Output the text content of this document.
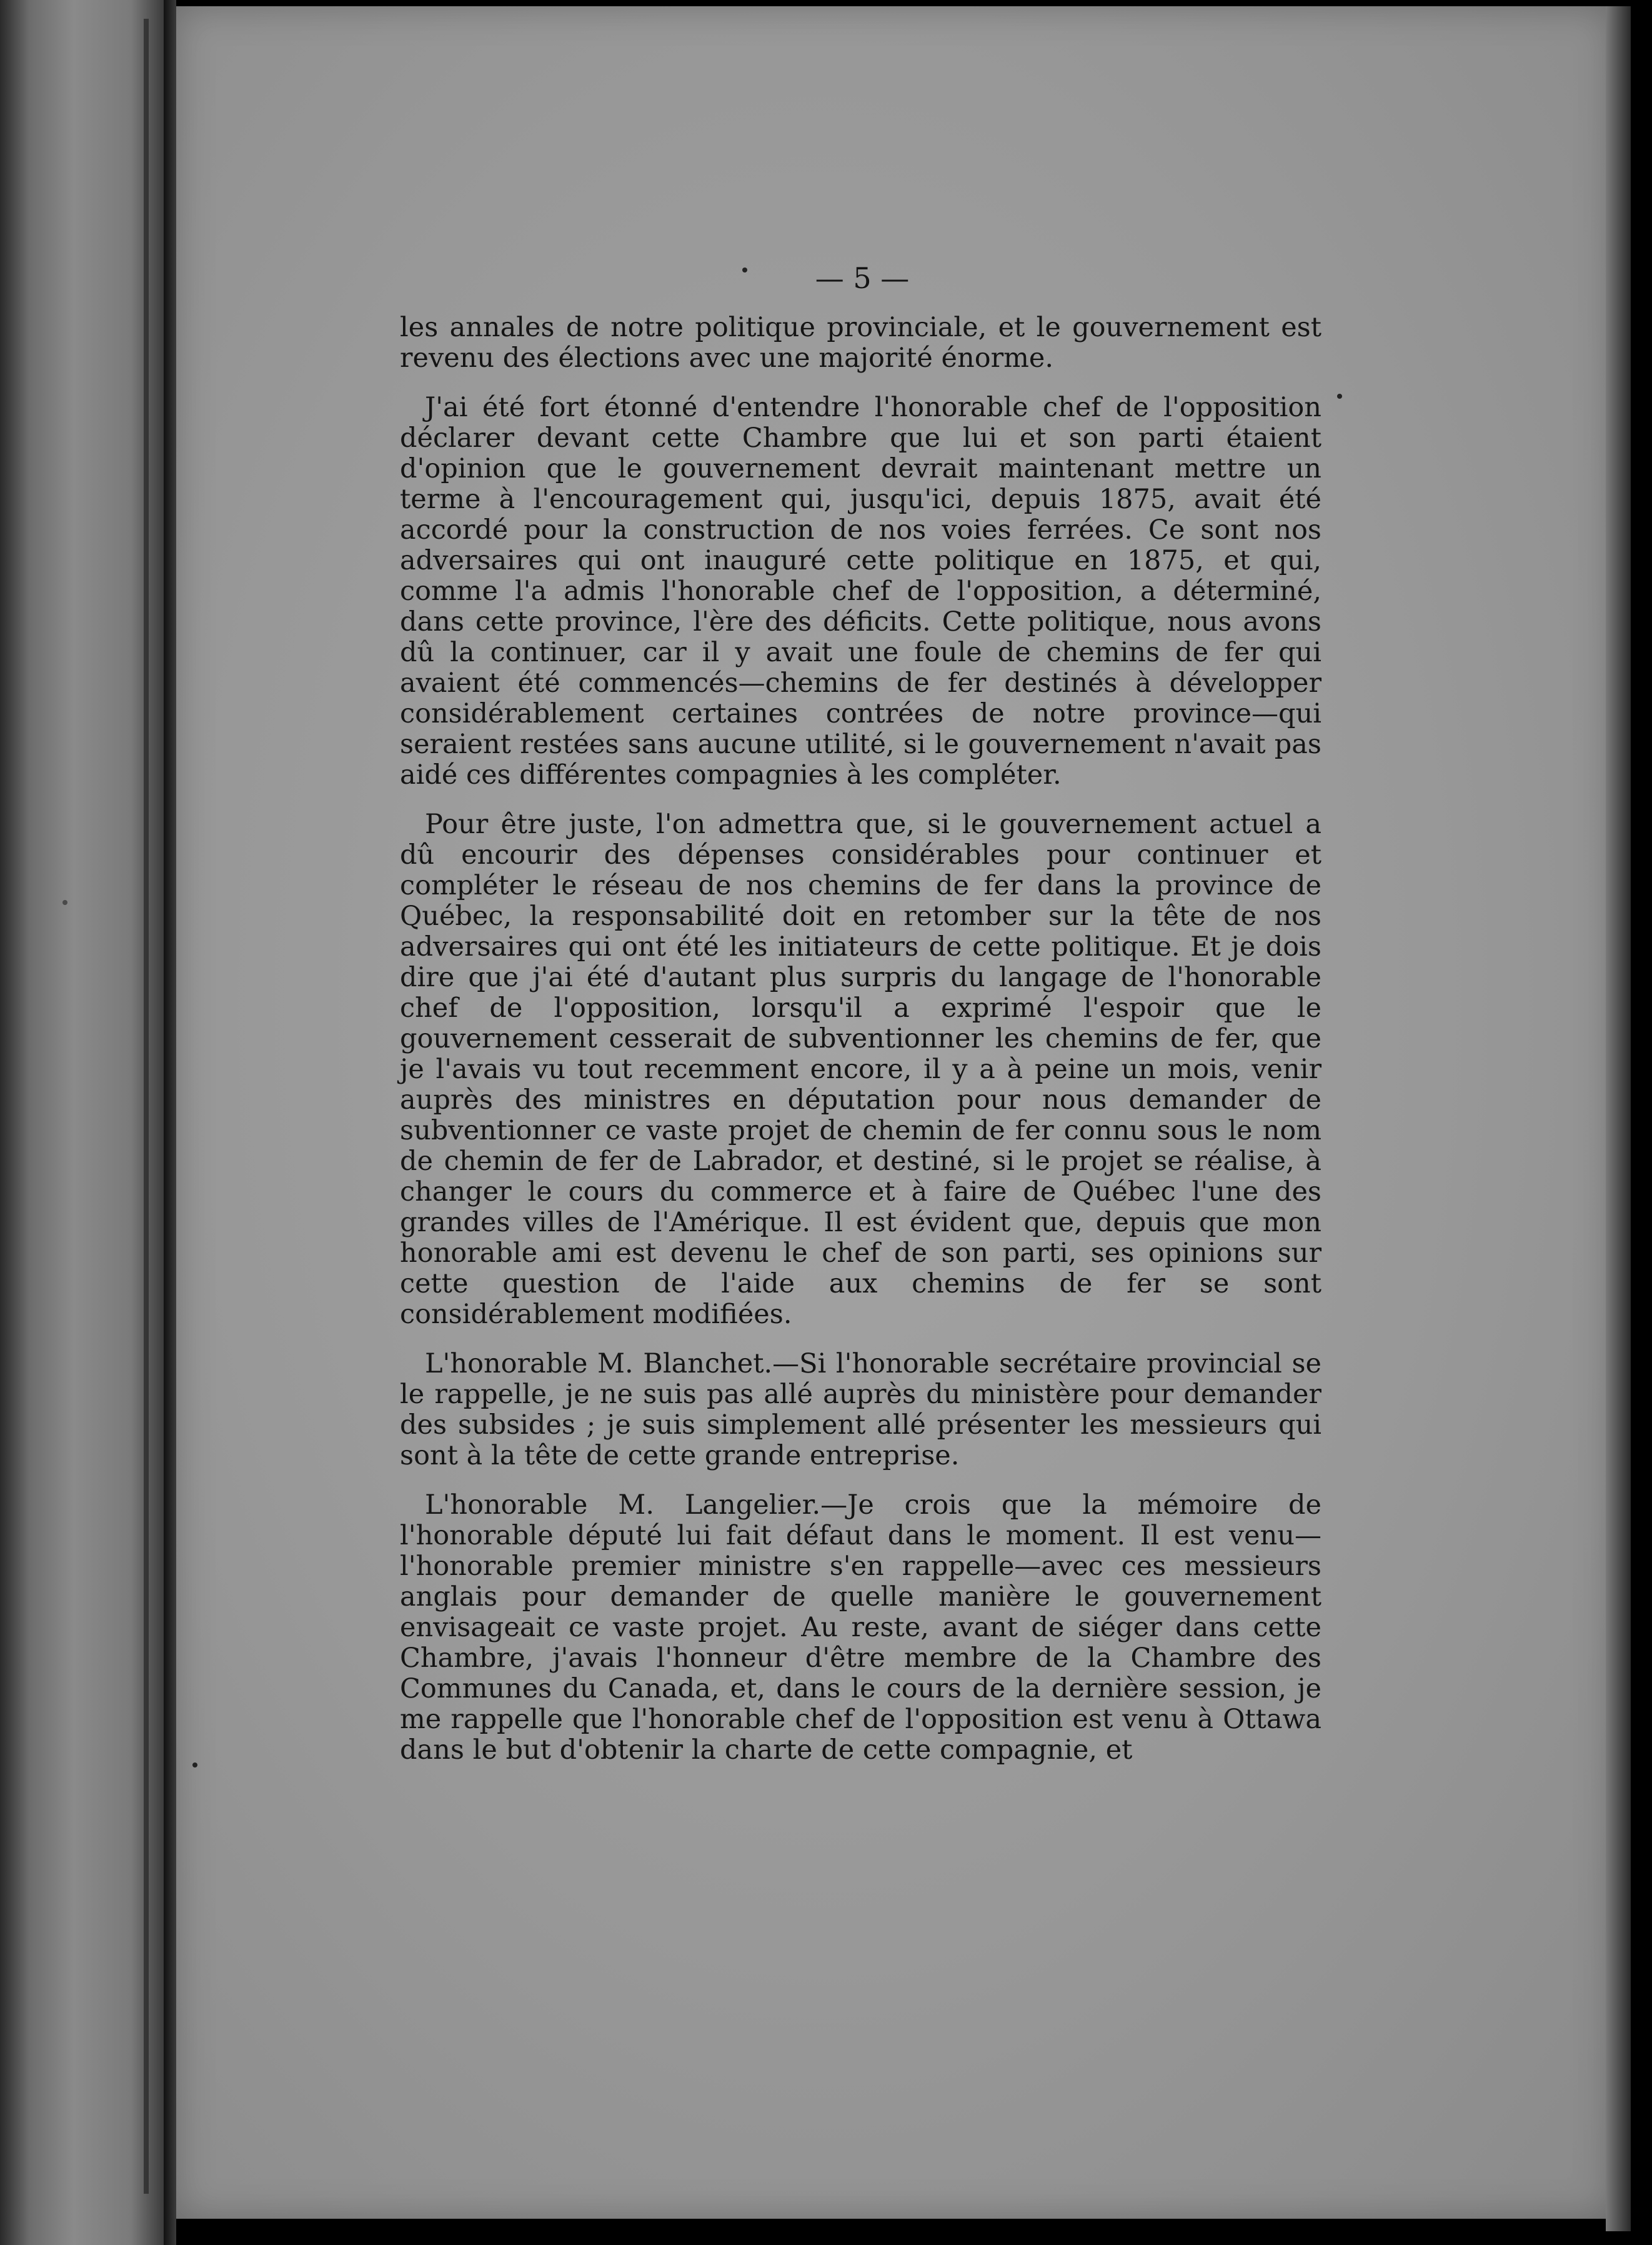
— 5 —

les annales de notre politique provinciale, et le gouvernement est revenu des élections avec une majorité énorme.

J'ai été fort étonné d'entendre l'honorable chef de l'opposition déclarer devant cette Chambre que lui et son parti étaient d'opinion que le gouvernement devrait maintenant mettre un terme à l'encouragement qui, jusqu'ici, depuis 1875, avait été accordé pour la construction de nos voies ferrées. Ce sont nos adversaires qui ont inauguré cette politique en 1875, et qui, comme l'a admis l'honorable chef de l'opposition, a déterminé, dans cette province, l'ère des déficits. Cette politique, nous avons dû la continuer, car il y avait une foule de chemins de fer qui avaient été commencés—chemins de fer destinés à développer considérablement certaines contrées de notre province—qui seraient restées sans aucune utilité, si le gouvernement n'avait pas aidé ces différentes compagnies à les compléter.

Pour être juste, l'on admettra que, si le gouvernement actuel a dû encourir des dépenses considérables pour continuer et compléter le réseau de nos chemins de fer dans la province de Québec, la responsabilité doit en retomber sur la tête de nos adversaires qui ont été les initiateurs de cette politique. Et je dois dire que j'ai été d'autant plus surpris du langage de l'honorable chef de l'opposition, lorsqu'il a exprimé l'espoir que le gouvernement cesserait de subventionner les chemins de fer, que je l'avais vu tout recemment encore, il y a à peine un mois, venir auprès des ministres en députation pour nous demander de subventionner ce vaste projet de chemin de fer connu sous le nom de chemin de fer de Labrador, et destiné, si le projet se réalise, à changer le cours du commerce et à faire de Québec l'une des grandes villes de l'Amérique. Il est évident que, depuis que mon honorable ami est devenu le chef de son parti, ses opinions sur cette question de l'aide aux chemins de fer se sont considérablement modifiées.

L'honorable M. Blanchet.—Si l'honorable secrétaire provincial se le rappelle, je ne suis pas allé auprès du ministère pour demander des subsides ; je suis simplement allé présenter les messieurs qui sont à la tête de cette grande entreprise.

L'honorable M. Langelier.—Je crois que la mémoire de l'honorable député lui fait défaut dans le moment. Il est venu—l'honorable premier ministre s'en rappelle—avec ces messieurs anglais pour demander de quelle manière le gouvernement envisageait ce vaste projet. Au reste, avant de siéger dans cette Chambre, j'avais l'honneur d'être membre de la Chambre des Communes du Canada, et, dans le cours de la dernière session, je me rappelle que l'honorable chef de l'opposition est venu à Ottawa dans le but d'obtenir la charte de cette compagnie, et
